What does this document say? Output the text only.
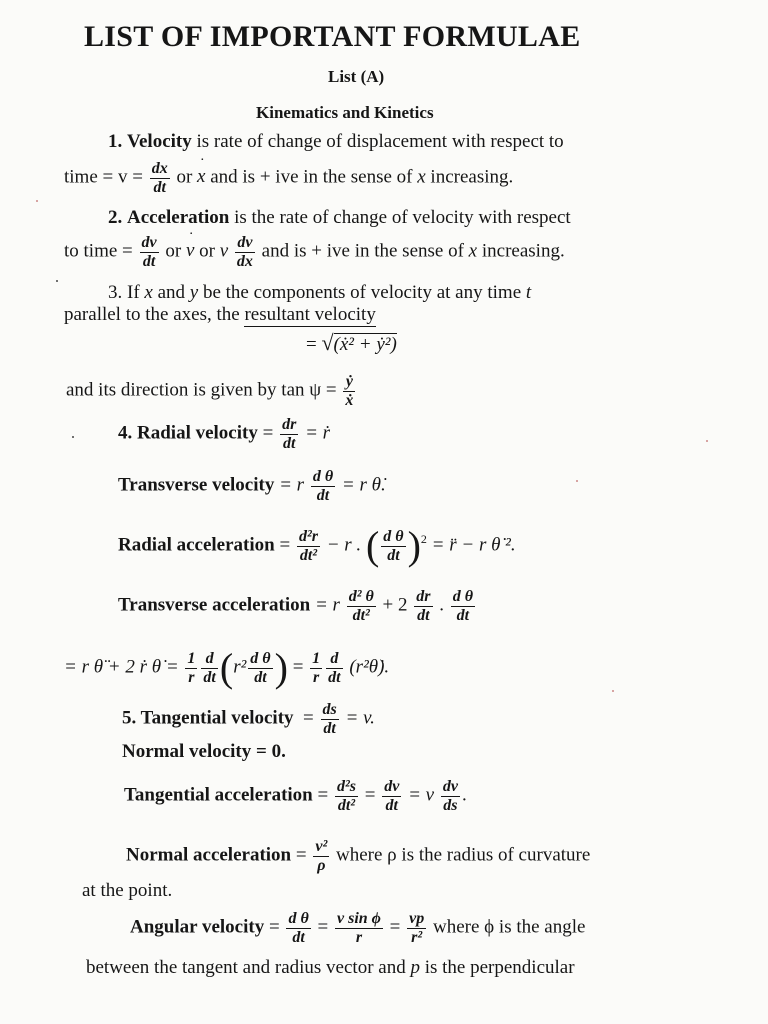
LIST OF IMPORTANT FORMULAE
List (A)
Kinematics and Kinetics
1. Velocity is rate of change of displacement with respect to
time = $v = \frac{dx}{dt}$ or x ˙ and is + ive in the sense of x increasing.
2. Acceleration is the rate of change of velocity with respect
to time = $\frac{dv}{dt}$ or v ˙ or v $\frac{dv}{dx}$ and is + ive in the sense of x increasing.
3. If x and y be the components of velocity at any time t
parallel to the axes, the resultant velocity
= √(ẋ² + ẏ²)
and its direction is given by $\tan \psi = \frac{\text{ẏ}}{\text{ẋ}}$
4. Radial velocity = $\frac{dr}{dt}$ = ṙ
Transverse velocity = r $\frac{\text{d θ}}{dt} = r$ θ̇.
Radial acceleration = $\frac{\text{d²r}}{\text{dt²}} - r$ . ( $\frac{\text{d θ}}{dt} )^2$ = r̈ − r θ̇ ².
Transverse acceleration = r $\frac{\text{d² θ}}{\text{dt²}} + 2 \frac{dr}{dt}$ . $\frac{\text{d θ}}{dt}$
= r θ̈ + 2 ṙ θ̇ = $\frac{1}{r} \frac{d}{dt} (r^2 \frac{\text{d θ}}{dt}$ ) = $\frac{1}{r} \frac{d}{dt}$ (r²θ̇).
5. Tangential velocity = $\frac{ds}{dt} = v$.
Normal velocity = 0.
Tangential acceleration = $\frac{\text{d²s}}{\text{dt²}} = \frac{dv}{dt} = v \frac{dv}{ds}$ .
Normal acceleration = $\frac{\text{v²}}{\rho}$ where ρ is the radius of curvature
at the point.
Angular velocity = $\frac{\text{d θ}}{dt} = \frac{\text{v sin ϕ}}{r} = \frac{vp}{\text{r²}}$ where ϕ is the angle
between the tangent and radius vector and p is the perpendicular
